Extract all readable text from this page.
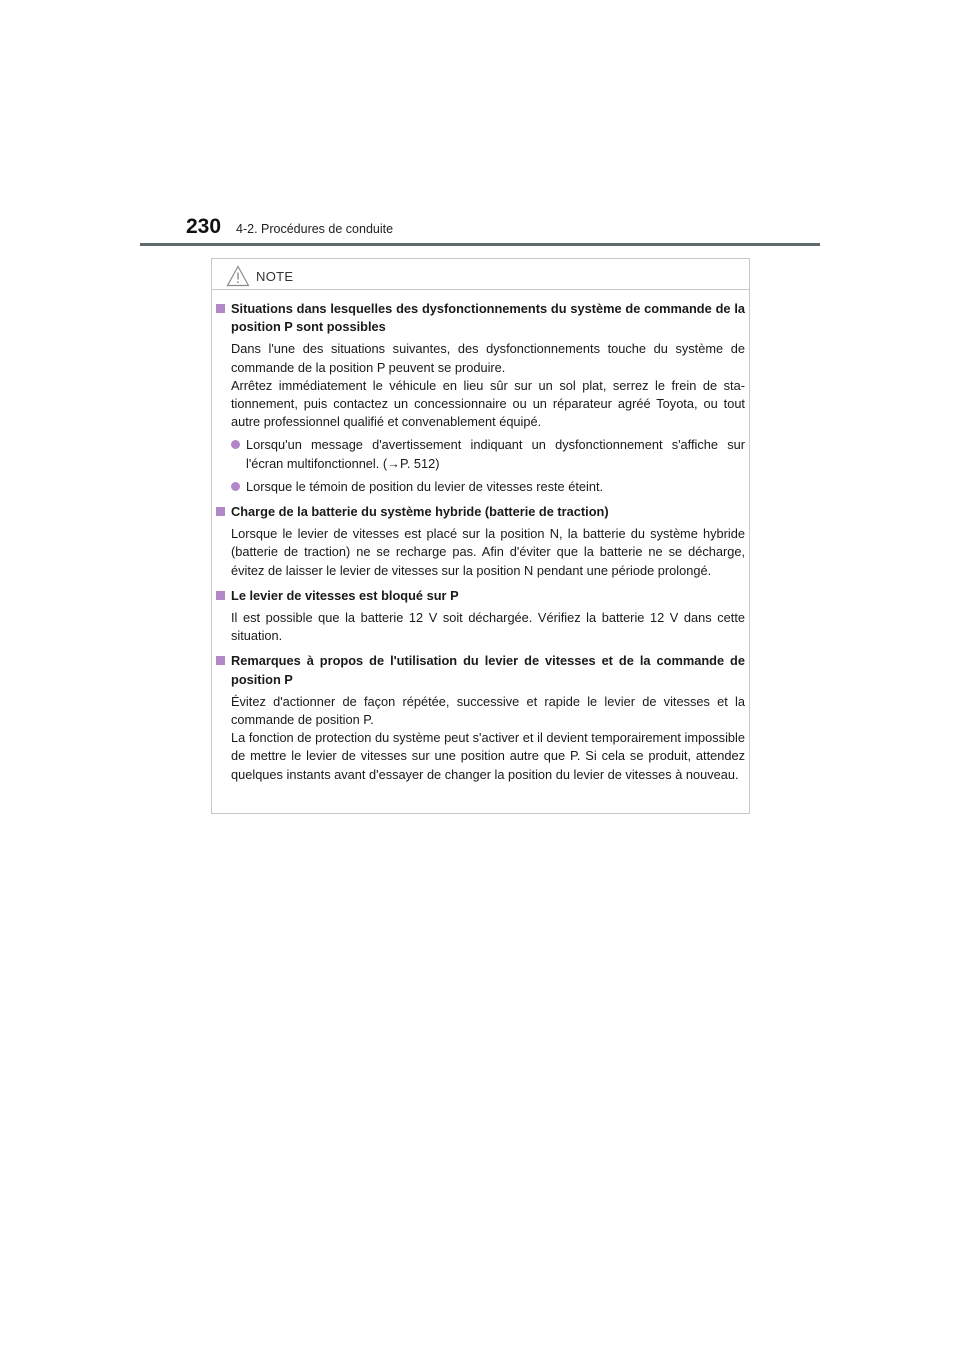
230 4-2. Procédures de conduite
NOTE
Situations dans lesquelles des dysfonctionnements du système de commande de la position P sont possibles
Dans l'une des situations suivantes, des dysfonctionnements touche du système de commande de la position P peuvent se produire.
Arrêtez immédiatement le véhicule en lieu sûr sur un sol plat, serrez le frein de sta-tionnement, puis contactez un concessionnaire ou un réparateur agréé Toyota, ou tout autre professionnel qualifié et convenablement équipé.
Lorsqu'un message d'avertissement indiquant un dysfonctionnement s'affiche sur l'écran multifonctionnel. (→P. 512)
Lorsque le témoin de position du levier de vitesses reste éteint.
Charge de la batterie du système hybride (batterie de traction)
Lorsque le levier de vitesses est placé sur la position N, la batterie du système hybride (batterie de traction) ne se recharge pas. Afin d'éviter que la batterie ne se décharge, évitez de laisser le levier de vitesses sur la position N pendant une période prolongé.
Le levier de vitesses est bloqué sur P
Il est possible que la batterie 12 V soit déchargée. Vérifiez la batterie 12 V dans cette situation.
Remarques à propos de l'utilisation du levier de vitesses et de la commande de position P
Évitez d'actionner de façon répétée, successive et rapide le levier de vitesses et la commande de position P.
La fonction de protection du système peut s'activer et il devient temporairement impossible de mettre le levier de vitesses sur une position autre que P. Si cela se produit, attendez quelques instants avant d'essayer de changer la position du levier de vitesses à nouveau.
